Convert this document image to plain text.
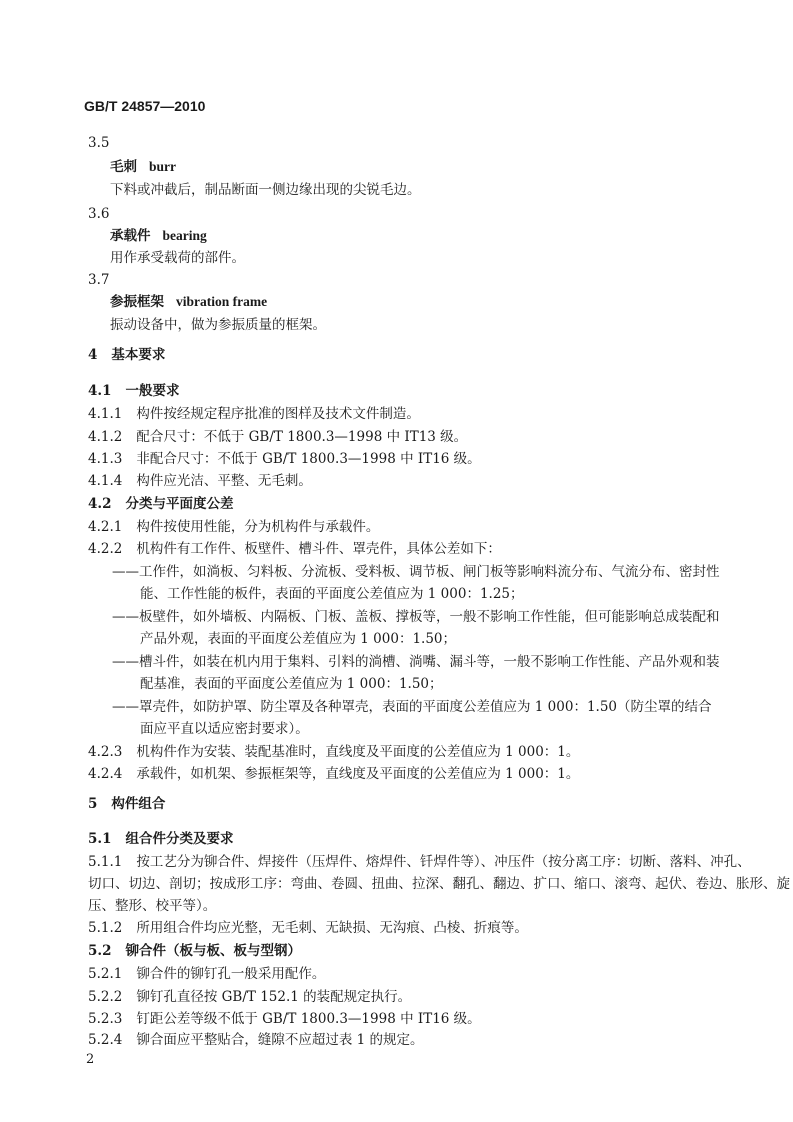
GB/T 24857—2010
3.5
毛刺 burr
下料或冲截后，制品断面一侧边缘出现的尖锐毛边。
3.6
承载件 bearing
用作承受载荷的部件。
3.7
参振框架 vibration frame
振动设备中，做为参振质量的框架。
4 基本要求
4.1 一般要求
4.1.1 构件按经规定程序批准的图样及技术文件制造。
4.1.2 配合尺寸：不低于 GB/T 1800.3—1998 中 IT13 级。
4.1.3 非配合尺寸：不低于 GB/T 1800.3—1998 中 IT16 级。
4.1.4 构件应光洁、平整、无毛刺。
4.2 分类与平面度公差
4.2.1 构件按使用性能，分为机构件与承载件。
4.2.2 机构件有工作件、板壁件、槽斗件、罩壳件，具体公差如下：
——工作件，如淌板、匀料板、分流板、受料板、调节板、闸门板等影响料流分布、气流分布、密封性
能、工作性能的板件，表面的平面度公差值应为 1 000：1.25；
——板壁件，如外墙板、内隔板、门板、盖板、撑板等，一般不影响工作性能，但可能影响总成装配和
产品外观，表面的平面度公差值应为 1 000：1.50；
——槽斗件，如装在机内用于集料、引料的淌槽、淌嘴、漏斗等，一般不影响工作性能、产品外观和装
配基准，表面的平面度公差值应为 1 000：1.50；
——罩壳件，如防护罩、防尘罩及各种罩壳，表面的平面度公差值应为 1 000：1.50（防尘罩的结合
面应平直以适应密封要求）。
4.2.3 机构件作为安装、装配基准时，直线度及平面度的公差值应为 1 000：1。
4.2.4 承载件，如机架、参振框架等，直线度及平面度的公差值应为 1 000：1。
5 构件组合
5.1 组合件分类及要求
5.1.1 按工艺分为铆合件、焊接件（压焊件、熔焊件、钎焊件等）、冲压件（按分离工序：切断、落料、冲孔、
切口、切边、剖切；按成形工序：弯曲、卷圆、扭曲、拉深、翻孔、翻边、扩口、缩口、滚弯、起伏、卷边、胀形、旋
压、整形、校平等）。
5.1.2 所用组合件均应光整，无毛刺、无缺损、无沟痕、凸棱、折痕等。
5.2 铆合件（板与板、板与型钢）
5.2.1 铆合件的铆钉孔一般采用配作。
5.2.2 铆钉孔直径按 GB/T 152.1 的装配规定执行。
5.2.3 钉距公差等级不低于 GB/T 1800.3—1998 中 IT16 级。
5.2.4 铆合面应平整贴合，缝隙不应超过表 1 的规定。
2
